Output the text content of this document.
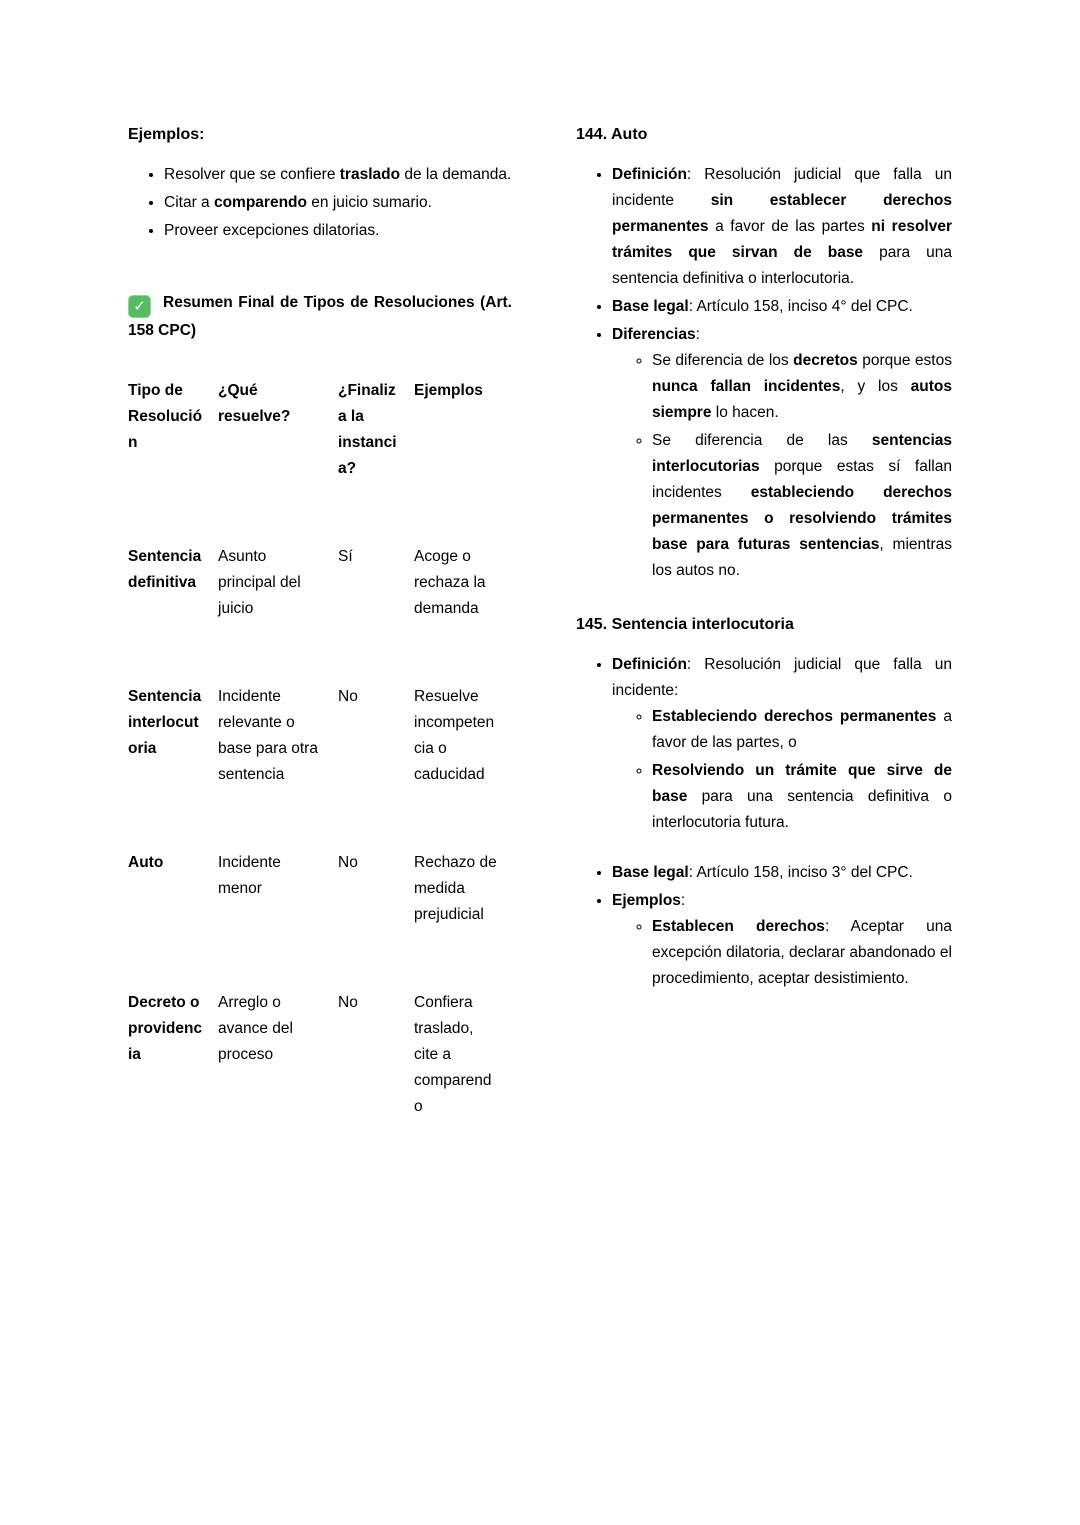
Ejemplos:
• Resolver que se confiere traslado de la demanda.
• Citar a comparendo en juicio sumario.
• Proveer excepciones dilatorias.
✓ Resumen Final de Tipos de Resoluciones (Art. 158 CPC)
Tipo de Resolución	¿Qué resuelve?	¿Finaliza la instancia?	Ejemplos
Sentencia definitiva	Asunto principal del juicio	Sí	Acoge o rechaza la demanda
Sentencia interlocutoria	Incidente relevante o base para otra sentencia	No	Resuelve incompetencia o caducidad
Auto	Incidente menor	No	Rechazo de medida prejudicial
Decreto o providencia	Arreglo o avance del proceso	No	Confiera traslado, cite a comparendo
144. Auto
• Definición: Resolución judicial que falla un incidente sin establecer derechos permanentes a favor de las partes ni resolver trámites que sirvan de base para una sentencia definitiva o interlocutoria.
• Base legal: Artículo 158, inciso 4° del CPC.
• Diferencias:
◦ Se diferencia de los decretos porque estos nunca fallan incidentes, y los autos siempre lo hacen.
◦ Se diferencia de las sentencias interlocutorias porque estas sí fallan incidentes estableciendo derechos permanentes o resolviendo trámites base para futuras sentencias, mientras los autos no.
145. Sentencia interlocutoria
• Definición: Resolución judicial que falla un incidente:
◦ Estableciendo derechos permanentes a favor de las partes, o
◦ Resolviendo un trámite que sirve de base para una sentencia definitiva o interlocutoria futura.
• Base legal: Artículo 158, inciso 3° del CPC.
• Ejemplos:
◦ Establecen derechos: Aceptar una excepción dilatoria, declarar abandonado el procedimiento, aceptar desistimiento.
